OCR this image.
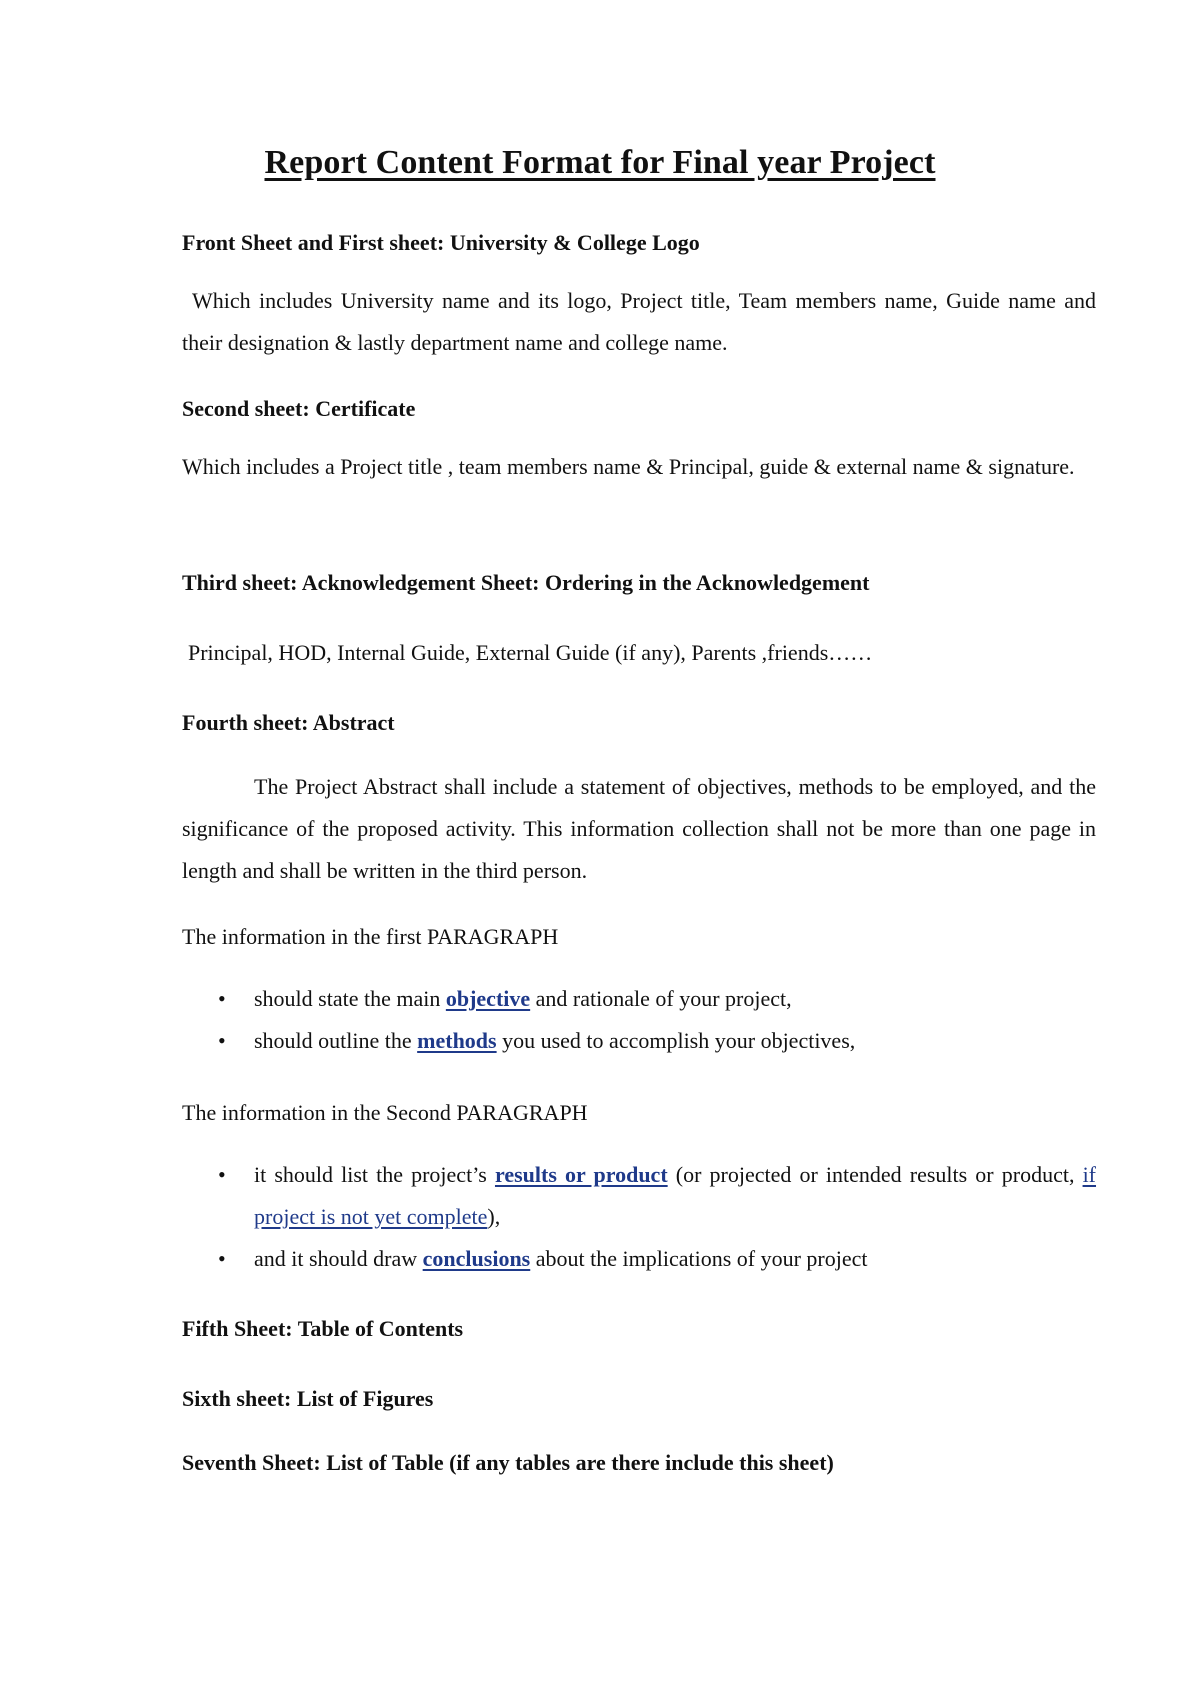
Report Content Format for Final year Project
Front Sheet and First sheet: University & College Logo
Which includes University name and its logo, Project title, Team members name, Guide name and their designation & lastly department name and college name.
Second sheet: Certificate
Which includes a Project title , team members name & Principal, guide & external name & signature.
Third sheet: Acknowledgement Sheet: Ordering in the Acknowledgement
Principal, HOD, Internal Guide, External Guide (if any), Parents ,friends……
Fourth sheet: Abstract
The Project Abstract shall include a statement of objectives, methods to be employed, and the significance of the proposed activity. This information collection shall not be more than one page in length and shall be written in the third person.
The information in the first PARAGRAPH
• should state the main objective and rationale of your project,
• should outline the methods you used to accomplish your objectives,
The information in the Second PARAGRAPH
• it should list the project’s results or product (or projected or intended results or product, if project is not yet complete),
• and it should draw conclusions about the implications of your project
Fifth Sheet: Table of Contents
Sixth sheet: List of Figures
Seventh Sheet: List of Table (if any tables are there include this sheet)
